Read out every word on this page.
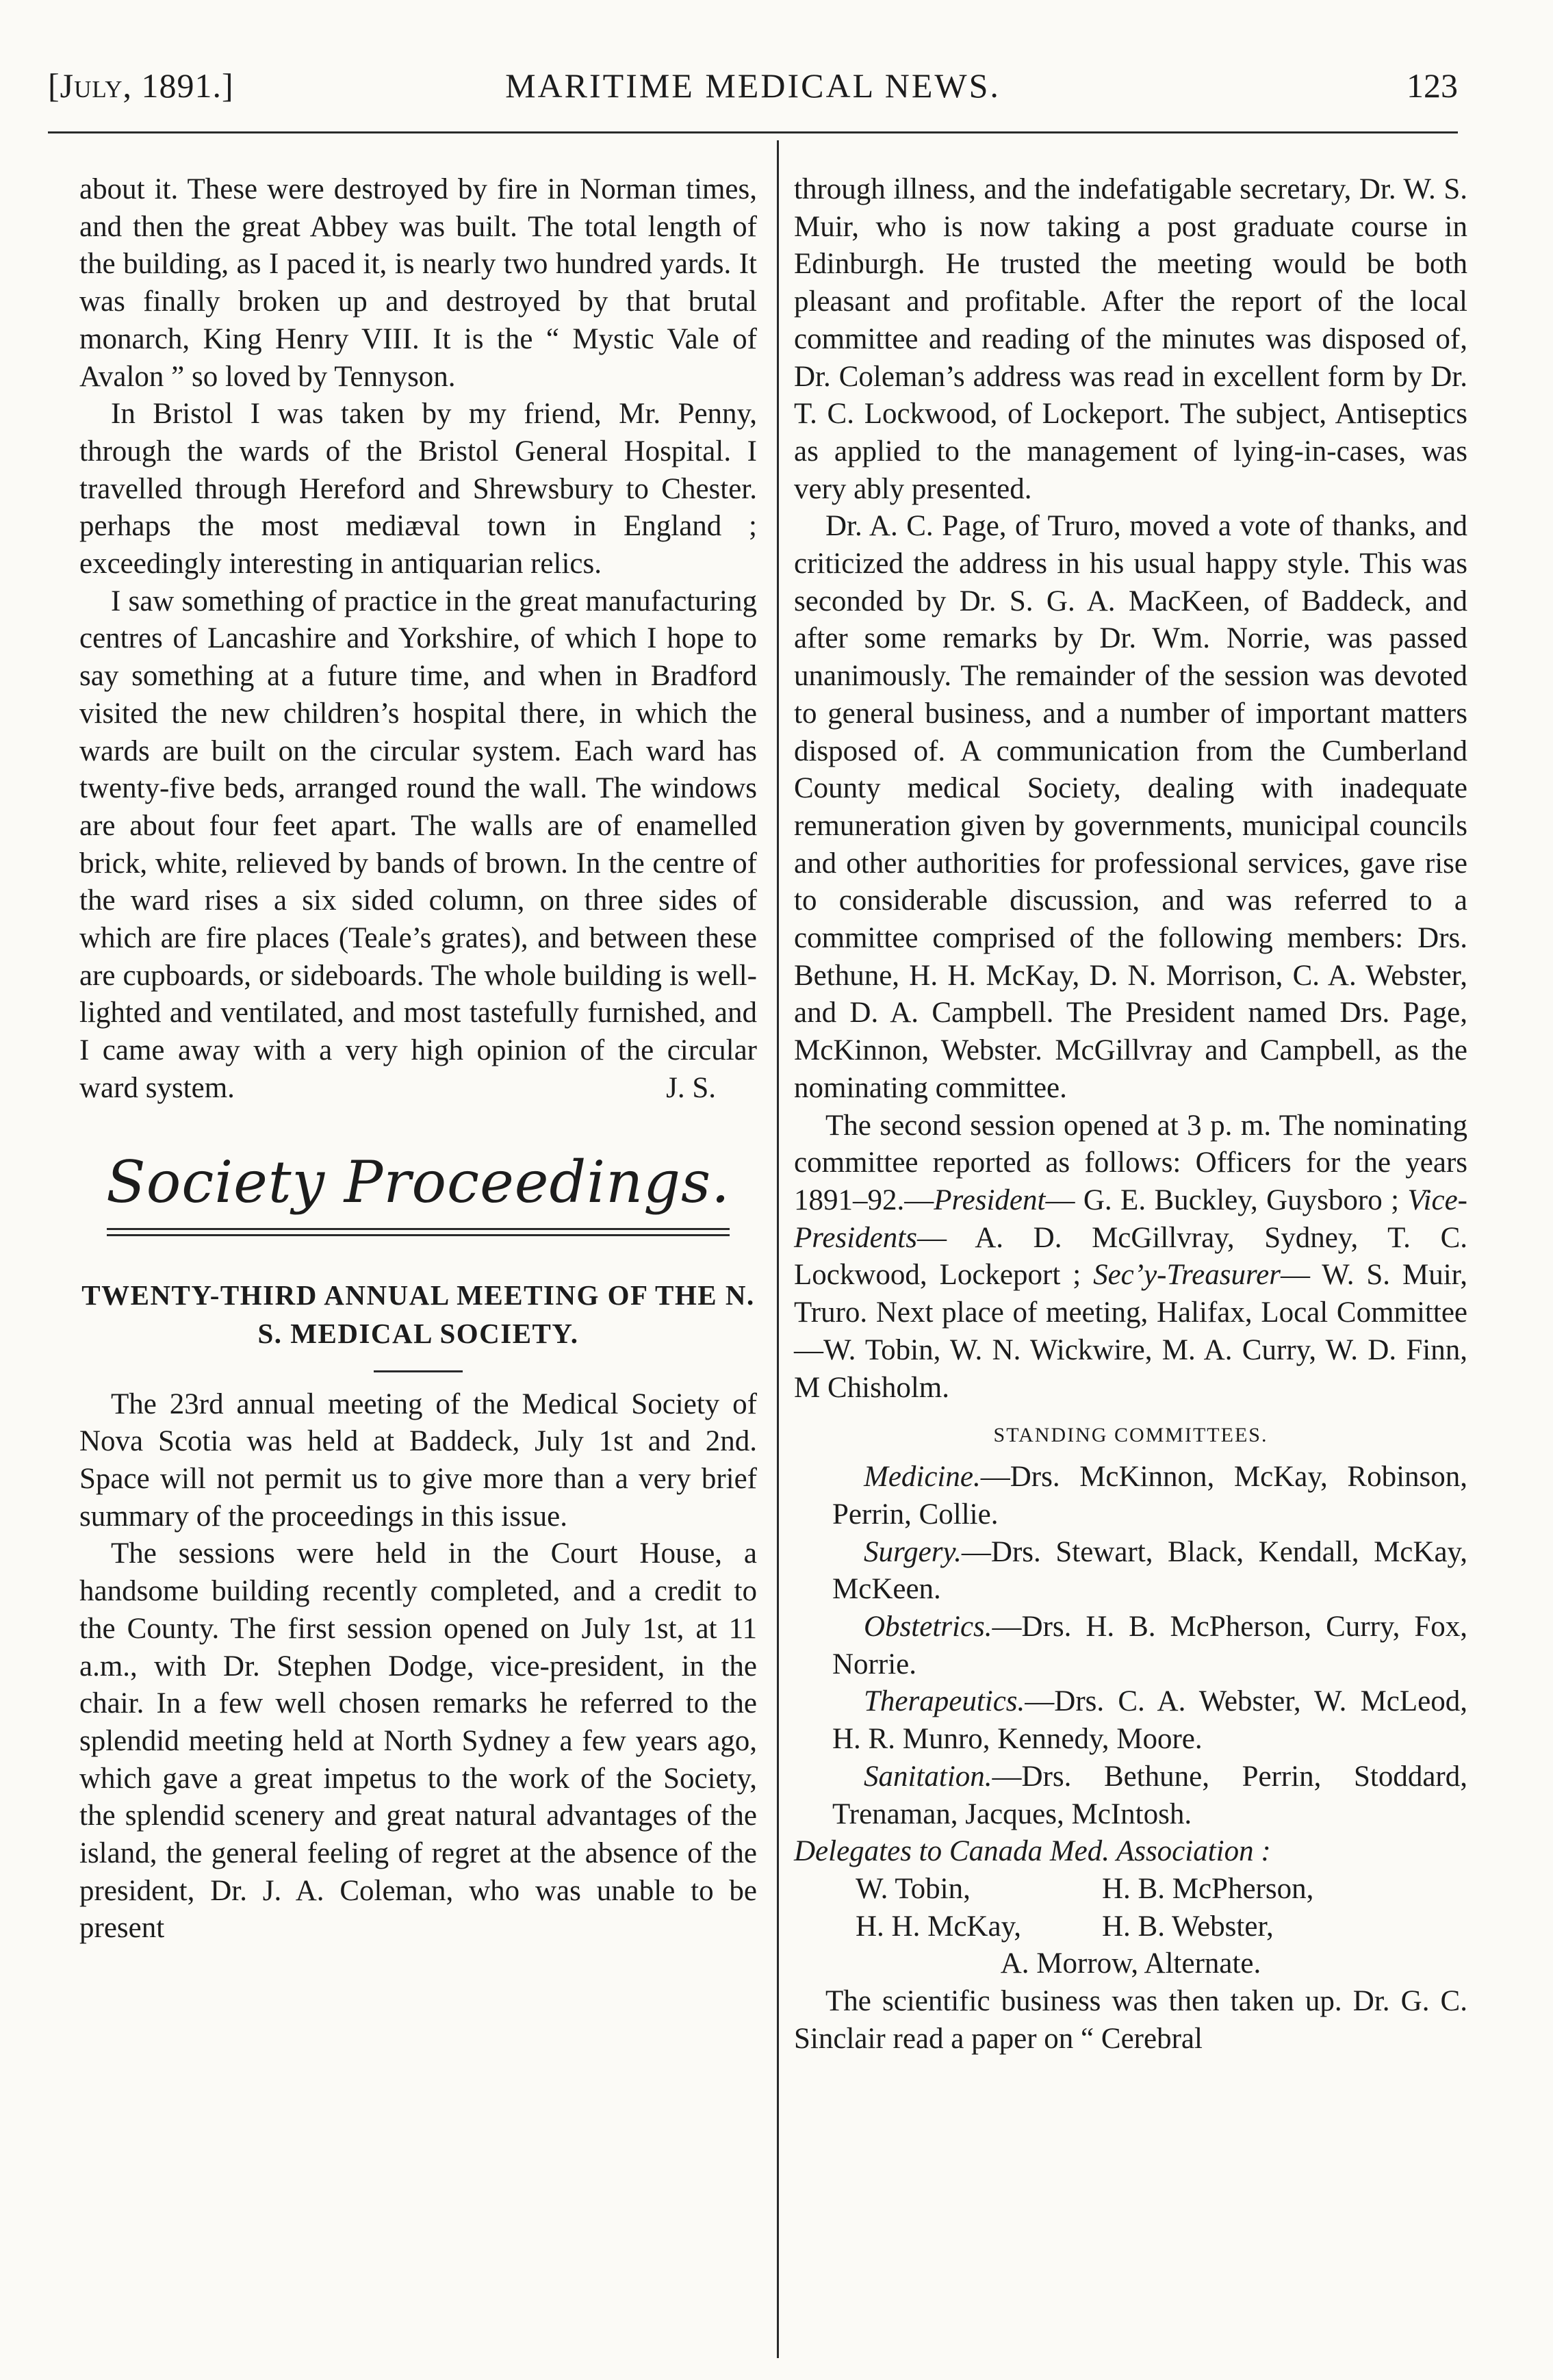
[July, 1891.]	MARITIME MEDICAL NEWS.	123

about it. These were destroyed by fire in Norman times, and then the great Abbey was built. The total length of the building, as I paced it, is nearly two hundred yards. It was finally broken up and destroyed by that brutal monarch, King Henry VIII. It is the “ Mystic Vale of Avalon ” so loved by Tennyson.

In Bristol I was taken by my friend, Mr. Penny, through the wards of the Bristol General Hospital. I travelled through Hereford and Shrewsbury to Chester. perhaps the most mediæval town in England ; exceedingly interesting in antiquarian relics.

I saw something of practice in the great manufacturing centres of Lancashire and Yorkshire, of which I hope to say something at a future time, and when in Bradford visited the new children’s hospital there, in which the wards are built on the circular system. Each ward has twenty-five beds, arranged round the wall. The windows are about four feet apart. The walls are of enamelled brick, white, relieved by bands of brown. In the centre of the ward rises a six sided column, on three sides of which are fire places (Teale’s grates), and between these are cupboards, or sideboards. The whole building is well-lighted and ventilated, and most tastefully furnished, and I came away with a very high opinion of the circular ward system.	J. S.

Society Proceedings.
TWENTY-THIRD ANNUAL MEETING OF THE N. S. MEDICAL SOCIETY.

The 23rd annual meeting of the Medical Society of Nova Scotia was held at Baddeck, July 1st and 2nd. Space will not permit us to give more than a very brief summary of the proceedings in this issue.

The sessions were held in the Court House, a handsome building recently completed, and a credit to the County. The first session opened on July 1st, at 11 a.m., with Dr. Stephen Dodge, vice-president, in the chair. In a few well chosen remarks he referred to the splendid meeting held at North Sydney a few years ago, which gave a great impetus to the work of the Society, the splendid scenery and great natural advantages of the island, the general feeling of regret at the absence of the president, Dr. J. A. Coleman, who was unable to be present

through illness, and the indefatigable secretary, Dr. W. S. Muir, who is now taking a post graduate course in Edinburgh. He trusted the meeting would be both pleasant and profitable. After the report of the local committee and reading of the minutes was disposed of, Dr. Coleman’s address was read in excellent form by Dr. T. C. Lockwood, of Lockeport. The subject, Antiseptics as applied to the management of lying-in-cases, was very ably presented.

Dr. A. C. Page, of Truro, moved a vote of thanks, and criticized the address in his usual happy style. This was seconded by Dr. S. G. A. MacKeen, of Baddeck, and after some remarks by Dr. Wm. Norrie, was passed unanimously. The remainder of the session was devoted to general business, and a number of important matters disposed of. A communication from the Cumberland County medical Society, dealing with inadequate remuneration given by governments, municipal councils and other authorities for professional services, gave rise to considerable discussion, and was referred to a committee comprised of the following members: Drs. Bethune, H. H. McKay, D. N. Morrison, C. A. Webster, and D. A. Campbell. The President named Drs. Page, McKinnon, Webster. McGillvray and Campbell, as the nominating committee.

The second session opened at 3 p. m. The nominating committee reported as follows: Officers for the years 1891–92.—President— G. E. Buckley, Guysboro ; Vice-Presidents— A. D. McGillvray, Sydney, T. C. Lockwood, Lockeport ; Sec’y-Treasurer— W. S. Muir, Truro. Next place of meeting, Halifax, Local Committee—W. Tobin, W. N. Wickwire, M. A. Curry, W. D. Finn, M Chisholm.

STANDING COMMITTEES.

Medicine.—Drs. McKinnon, McKay, Robinson, Perrin, Collie.

Surgery.—Drs. Stewart, Black, Kendall, McKay, McKeen.

Obstetrics.—Drs. H. B. McPherson, Curry, Fox, Norrie.

Therapeutics.—Drs. C. A. Webster, W. McLeod, H. R. Munro, Kennedy, Moore.

Sanitation.—Drs. Bethune, Perrin, Stoddard, Trenaman, Jacques, McIntosh.

Delegates to Canada Med. Association :

W. Tobin,	H. B. McPherson,
H. H. McKay,	H. B. Webster,
A. Morrow, Alternate.

The scientific business was then taken up. Dr. G. C. Sinclair read a paper on “ Cerebral
